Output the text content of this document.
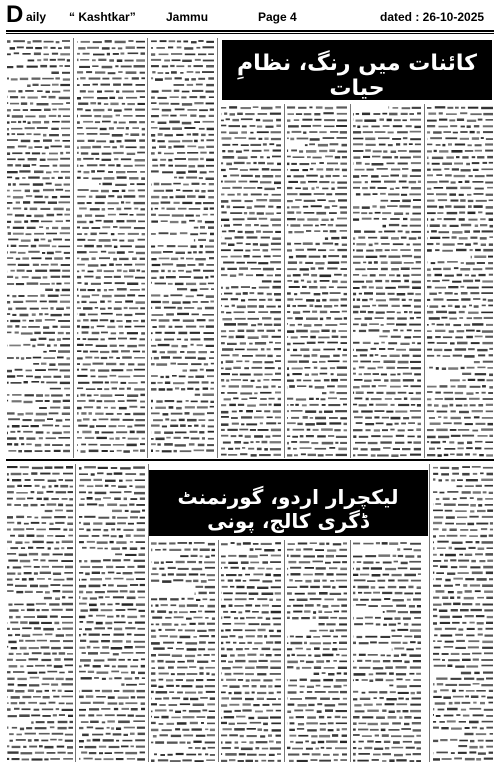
D aily “ Kashtkar”	Jammu	Page 4	dated : 26-10-2025
کائنات میں رنگ، نظامِ حیات
لیکچرار اردو، گورنمنٹ ڈگری کالج، پونی
